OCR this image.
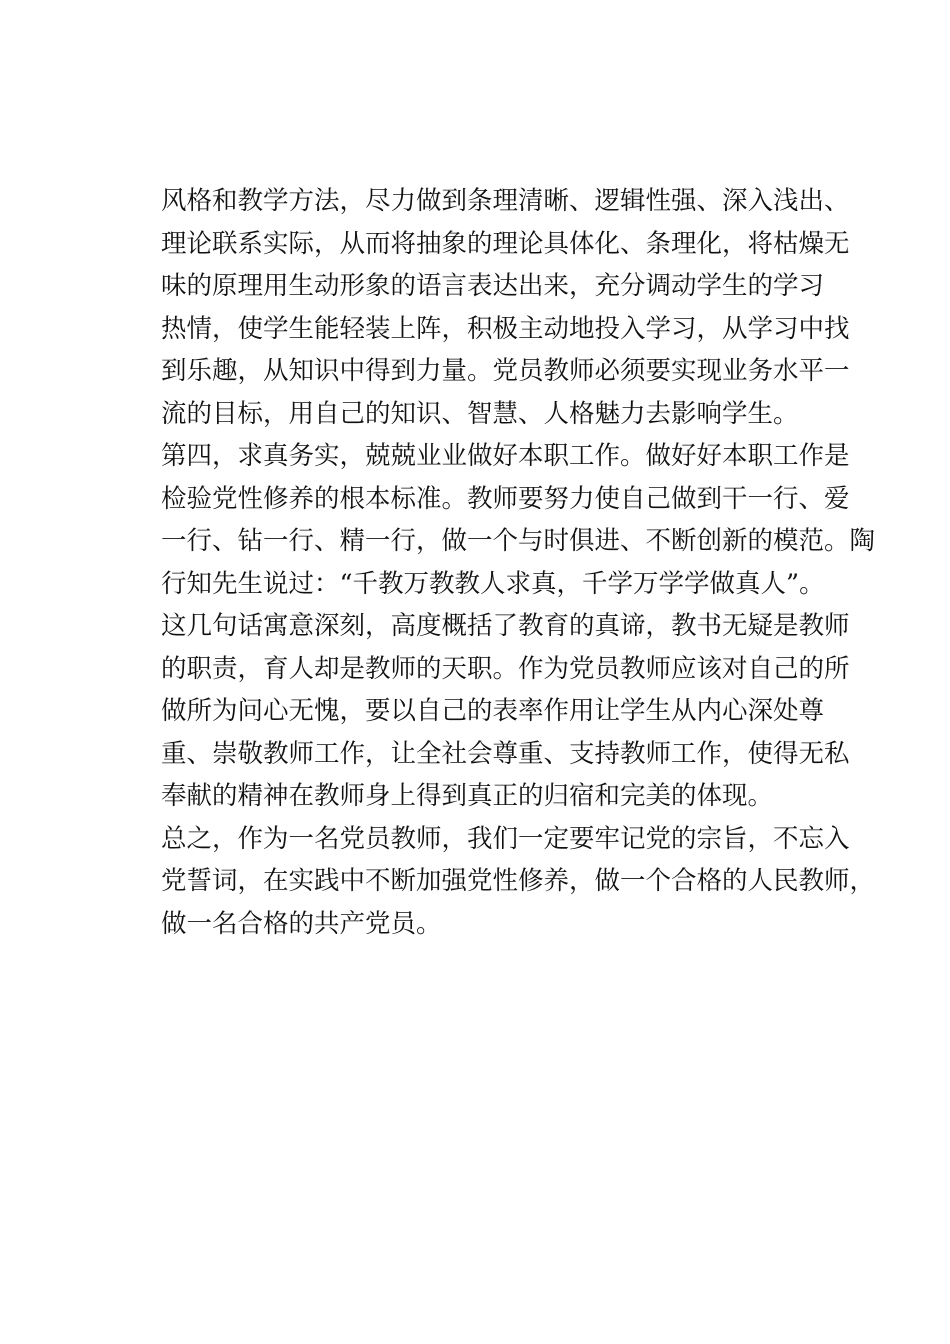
风格和教学方法，尽力做到条理清晰、逻辑性强、深入浅出、
理论联系实际，从而将抽象的理论具体化、条理化，将枯燥无
味的原理用生动形象的语言表达出来，充分调动学生的学习
热情，使学生能轻装上阵，积极主动地投入学习，从学习中找
到乐趣，从知识中得到力量。党员教师必须要实现业务水平一
流的目标，用自己的知识、智慧、人格魅力去影响学生。
第四，求真务实，兢兢业业做好本职工作。做好好本职工作是
检验党性修养的根本标准。教师要努力使自己做到干一行、爱
一行、钻一行、精一行，做一个与时俱进、不断创新的模范。陶
行知先生说过：“千教万教教人求真，千学万学学做真人”。
这几句话寓意深刻，高度概括了教育的真谛，教书无疑是教师
的职责，育人却是教师的天职。作为党员教师应该对自己的所
做所为问心无愧，要以自己的表率作用让学生从内心深处尊
重、崇敬教师工作，让全社会尊重、支持教师工作，使得无私
奉献的精神在教师身上得到真正的归宿和完美的体现。
总之，作为一名党员教师，我们一定要牢记党的宗旨，不忘入
党誓词，在实践中不断加强党性修养，做一个合格的人民教师，
做一名合格的共产党员。
